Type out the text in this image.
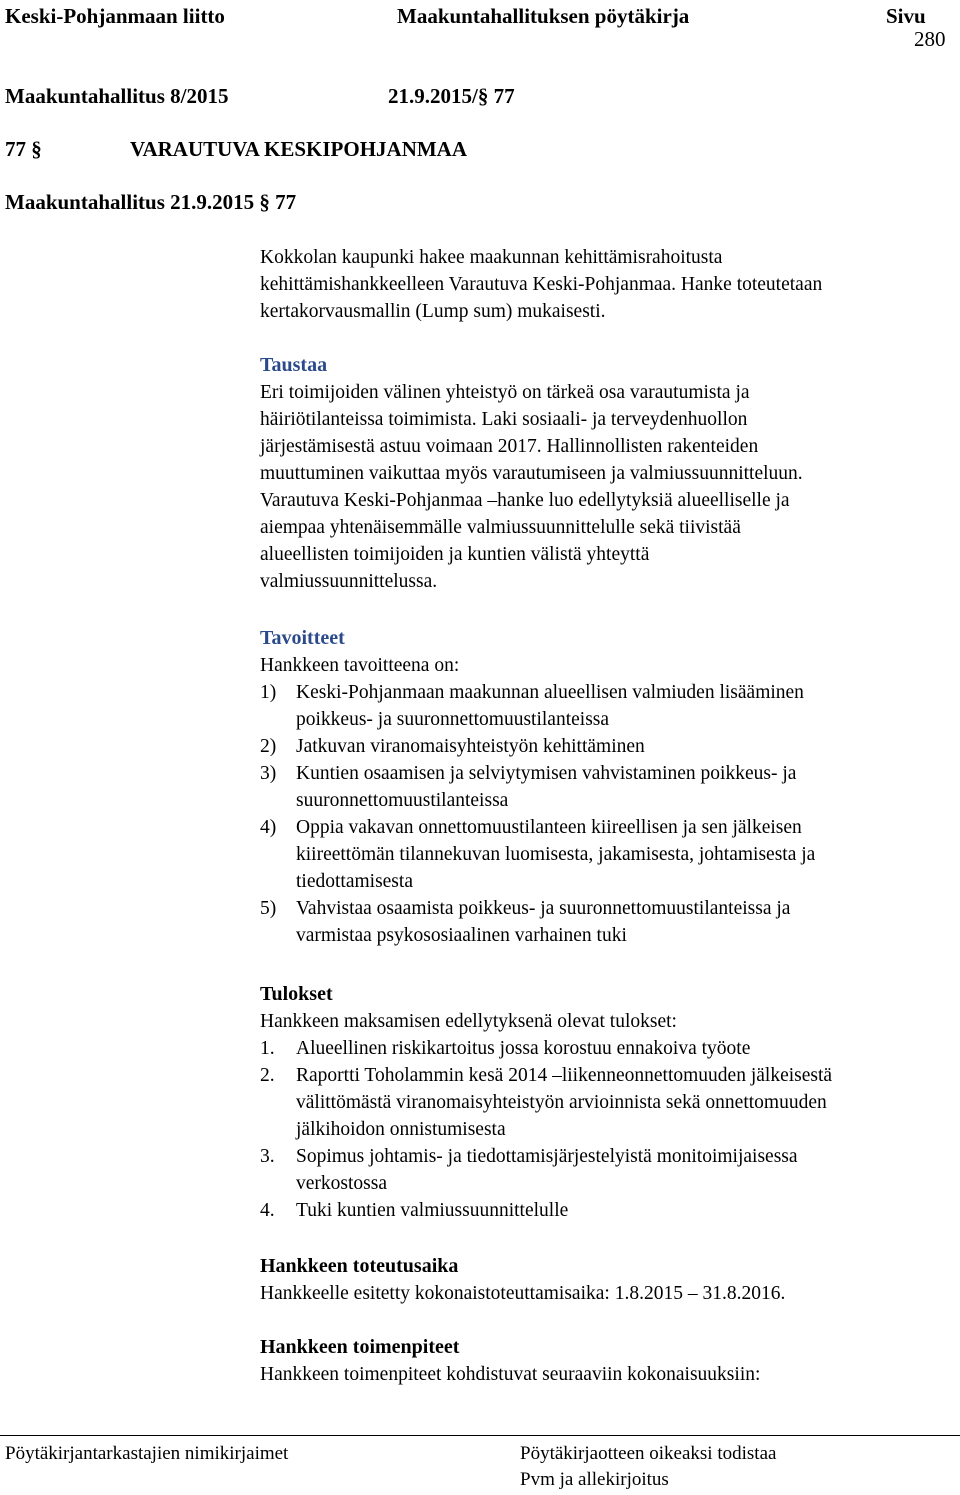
Keski-Pohjanmaan liitto	Maakuntahallituksen pöytäkirja	Sivu
280
Maakuntahallitus 8/2015	21.9.2015/§ 77
77 §	VARAUTUVA KESKIPOHJANMAA
Maakuntahallitus 21.9.2015 § 77

Kokkolan kaupunki hakee maakunnan kehittämisrahoitusta

kehittämishankkeelleen Varautuva Keski-Pohjanmaa. Hanke toteutetaan

kertakorvausmallin (Lump sum) mukaisesti.

Taustaa

Eri toimijoiden välinen yhteistyö on tärkeä osa varautumista ja

häiriötilanteissa toimimista. Laki sosiaali- ja terveydenhuollon

järjestämisestä astuu voimaan 2017. Hallinnollisten rakenteiden

muuttuminen vaikuttaa myös varautumiseen ja valmiussuunnitteluun.

Varautuva Keski-Pohjanmaa –hanke luo edellytyksiä alueelliselle ja

aiempaa yhtenäisemmälle valmiussuunnittelulle sekä tiivistää

alueellisten toimijoiden ja kuntien välistä yhteyttä

valmiussuunnittelussa.

Tavoitteet

Hankkeen tavoitteena on:

1) Keski-Pohjanmaan maakunnan alueellisen valmiuden lisääminen

poikkeus- ja suuronnettomuustilanteissa

2) Jatkuvan viranomaisyhteistyön kehittäminen

3) Kuntien osaamisen ja selviytymisen vahvistaminen poikkeus- ja

suuronnettomuustilanteissa

4) Oppia vakavan onnettomuustilanteen kiireellisen ja sen jälkeisen

kiireettömän tilannekuvan luomisesta, jakamisesta, johtamisesta ja

tiedottamisesta

5) Vahvistaa osaamista poikkeus- ja suuronnettomuustilanteissa ja

varmistaa psykososiaalinen varhainen tuki

Tulokset

Hankkeen maksamisen edellytyksenä olevat tulokset:

1. Alueellinen riskikartoitus jossa korostuu ennakoiva työote

2. Raportti Toholammin kesä 2014 –liikenneonnettomuuden jälkeisestä

välittömästä viranomaisyhteistyön arvioinnista sekä onnettomuuden

jälkihoidon onnistumisesta

3. Sopimus johtamis- ja tiedottamisjärjestelyistä monitoimijaisessa

verkostossa

4. Tuki kuntien valmiussuunnittelulle

Hankkeen toteutusaika

Hankkeelle esitetty kokonaistoteuttamisaika: 1.8.2015 – 31.8.2016.

Hankkeen toimenpiteet

Hankkeen toimenpiteet kohdistuvat seuraaviin kokonaisuuksiin:

Pöytäkirjantarkastajien nimikirjaimet	Pöytäkirjaotteen oikeaksi todistaa
Pvm ja allekirjoitus
